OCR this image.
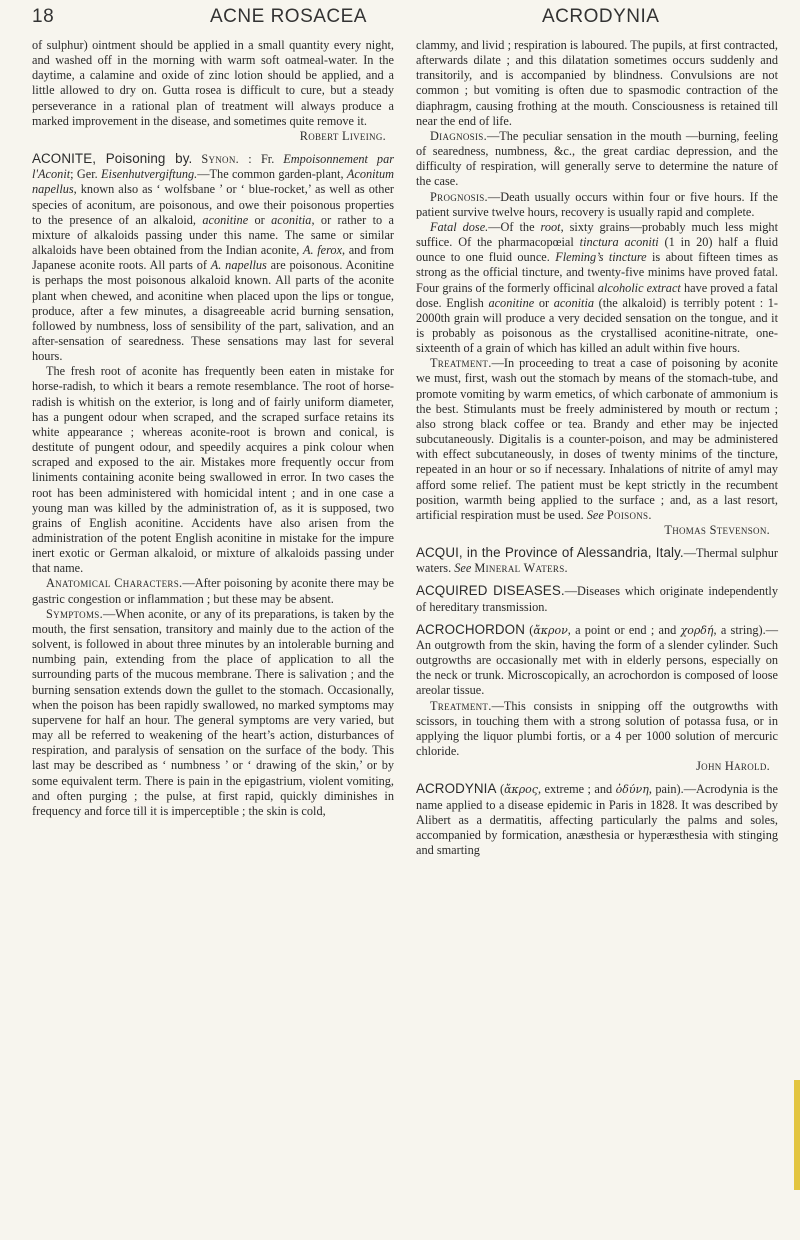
18	ACNE ROSACEA	ACRODYNIA

of sulphur) ointment should be applied in a small quantity every night, and washed off in the morning with warm soft oatmeal-water. In the daytime, a calamine and oxide of zinc lotion should be applied, and a little allowed to dry on. Gutta rosea is difficult to cure, but a steady perseverance in a rational plan of treatment will always produce a marked improvement in the disease, and sometimes quite remove it.

Robert Liveing.

ACONITE, Poisoning by. Synon. : Fr. Empoisonnement par l'Aconit; Ger. Eisenhutvergiftung.—The common garden-plant, Aconitum napellus, known also as ‘ wolfsbane ’ or ‘ blue-rocket,’ as well as other species of aconitum, are poisonous, and owe their poisonous properties to the presence of an alkaloid, aconitine or aconitia, or rather to a mixture of alkaloids passing under this name. The same or similar alkaloids have been obtained from the Indian aconite, A. ferox, and from Japanese aconite roots. All parts of A. napellus are poisonous. Aconitine is perhaps the most poisonous alkaloid known. All parts of the aconite plant when chewed, and aconitine when placed upon the lips or tongue, produce, after a few minutes, a disagreeable acrid burning sensation, followed by numbness, loss of sensibility of the part, salivation, and an after-sensation of searedness. These sensations may last for several hours.

The fresh root of aconite has frequently been eaten in mistake for horse-radish, to which it bears a remote resemblance. The root of horse-radish is whitish on the exterior, is long and of fairly uniform diameter, has a pungent odour when scraped, and the scraped surface retains its white appearance ; whereas aconite-root is brown and conical, is destitute of pungent odour, and speedily acquires a pink colour when scraped and exposed to the air. Mistakes more frequently occur from liniments containing aconite being swallowed in error. In two cases the root has been administered with homicidal intent ; and in one case a young man was killed by the administration of, as it is supposed, two grains of English aconitine. Accidents have also arisen from the administration of the potent English aconitine in mistake for the impure inert exotic or German alkaloid, or mixture of alkaloids passing under that name.

Anatomical Characters.—After poisoning by aconite there may be gastric congestion or inflammation ; but these may be absent.

Symptoms.—When aconite, or any of its preparations, is taken by the mouth, the first sensation, transitory and mainly due to the action of the solvent, is followed in about three minutes by an intolerable burning and numbing pain, extending from the place of application to all the surrounding parts of the mucous membrane. There is salivation ; and the burning sensation extends down the gullet to the stomach. Occasionally, when the poison has been rapidly swallowed, no marked symptoms may supervene for half an hour. The general symptoms are very varied, but may all be referred to weakening of the heart’s action, disturbances of respiration, and paralysis of sensation on the surface of the body. This last may be described as ‘ numbness ’ or ‘ drawing of the skin,’ or by some equivalent term. There is pain in the epigastrium, violent vomiting, and often purging ; the pulse, at first rapid, quickly diminishes in frequency and force till it is imperceptible ; the skin is cold,

clammy, and livid ; respiration is laboured. The pupils, at first contracted, afterwards dilate ; and this dilatation sometimes occurs suddenly and transitorily, and is accompanied by blindness. Convulsions are not common ; but vomiting is often due to spasmodic contraction of the diaphragm, causing frothing at the mouth. Consciousness is retained till near the end of life.

Diagnosis.—The peculiar sensation in the mouth —burning, feeling of searedness, numbness, &c., the great cardiac depression, and the difficulty of respiration, will generally serve to determine the nature of the case.

Prognosis.—Death usually occurs within four or five hours. If the patient survive twelve hours, recovery is usually rapid and complete.

Fatal dose.—Of the root, sixty grains—probably much less might suffice. Of the pharmacopœial tinctura aconiti (1 in 20) half a fluid ounce to one fluid ounce. Fleming’s tincture is about fifteen times as strong as the official tincture, and twenty-five minims have proved fatal. Four grains of the formerly officinal alcoholic extract have proved a fatal dose. English aconitine or aconitia (the alkaloid) is terribly potent : 1-2000th grain will produce a very decided sensation on the tongue, and it is probably as poisonous as the crystallised aconitine-nitrate, one-sixteenth of a grain of which has killed an adult within five hours.

Treatment.—In proceeding to treat a case of poisoning by aconite we must, first, wash out the stomach by means of the stomach-tube, and promote vomiting by warm emetics, of which carbonate of ammonium is the best. Stimulants must be freely administered by mouth or rectum ; also strong black coffee or tea. Brandy and ether may be injected subcutaneously. Digitalis is a counter-poison, and may be administered with effect subcutaneously, in doses of twenty minims of the tincture, repeated in an hour or so if necessary. Inhalations of nitrite of amyl may afford some relief. The patient must be kept strictly in the recumbent position, warmth being applied to the surface ; and, as a last resort, artificial respiration must be used. See Poisons.

Thomas Stevenson.

ACQUI, in the Province of Alessandria, Italy.—Thermal sulphur waters. See Mineral Waters.

ACQUIRED DISEASES.—Diseases which originate independently of hereditary transmission.

ACROCHORDON (ἄκρον, a point or end ; and χορδή, a string).—An outgrowth from the skin, having the form of a slender cylinder. Such outgrowths are occasionally met with in elderly persons, especially on the neck or trunk. Microscopically, an acrochordon is composed of loose areolar tissue.

Treatment.—This consists in snipping off the outgrowths with scissors, in touching them with a strong solution of potassa fusa, or in applying the liquor plumbi fortis, or a 4 per 1000 solution of mercuric chloride.

John Harold.

ACRODYNIA (ἄκρος, extreme ; and ὀδύνη, pain).—Acrodynia is the name applied to a disease epidemic in Paris in 1828. It was described by Alibert as a dermatitis, affecting particularly the palms and soles, accompanied by formication, anæsthesia or hyperæsthesia with stinging and smarting
